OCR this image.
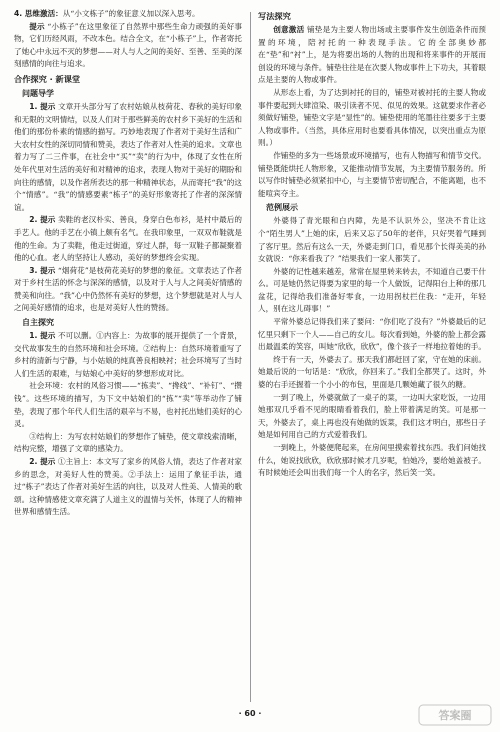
4. 思维激活：从“小文栋子”的象征意义加以深入思考。

提示 “小栋子”在这里象征了自然界中那些生命力顽强的美好事物，它们历经风雨，不改本色。结合全文，在“小栋子”上，作者寄托了她心中永远不灭的梦想——对人与人之间的美好、至善、至美的深刻感情的向往与追求。

合作探究 · 新课堂
问题导学

1. 提示 文章开头部分写了农村姑娘从枝荷花、春秋的美好印象和无限的文明情结，以及人们对于那些鲜美的农村乡下美好的生活和他们的那份朴素的情感的描写。巧妙地表现了作者对于美好生活和广大农村女性的深切同情和赞美，表达了作者对人性美的追求。文章也着力写了二三件事，在社会中“买”“卖”的行为中，体现了女性在所处年代里对生活的美好和对精神的追求，表现人物对于美好的期盼和向往的感情，以及作者所表达的那一种精神状态，从而寄托“我”的这个“情感”。“我”的情感要素“栋子”的美好形象寄托了作者的深深情谊。

2. 提示 卖鞋的老汉朴实、善良，身穿白色布衫，是村中最后的手艺人。他的手艺在小镇上颇有名气。在我印象里，一双双布鞋就是他的生命。为了卖鞋，他走过街道，穿过人群，每一双鞋子都凝聚着他的心血。老人的坚持让人感动，美好的梦想终会实现。

3. 提示 “烟荷花”是枝荷花美好的梦想的象征。文章表达了作者对于乡村生活的怀念与深深的感情，以及对于人与人之间美好情感的赞美和向往。“我”心中仍然怀有美好的梦想，这个梦想就是对人与人之间美好感情的追求，也是对美好人性的赞扬。

自主探究

1. 提示 不可以删。①内容上：为故事的展开提供了一个背景，交代故事发生的自然环境和社会环境。②结构上：自然环境着重写了乡村的清新与宁静，与小姑娘的纯真善良相映衬；社会环境写了当时人们生活的艰难，与姑娘心中美好的梦想形成对比。

社会环境：农村的风俗习惯——“拣卖”、“搀线”、“补钉”、“攒钱”。这些环境的描写，为下文中姑娘们的“拣”“卖”等举动作了铺垫，表现了那个年代人们生活的艰辛与不易，也衬托出她们美好的心灵。

③结构上：为写农村姑娘们的梦想作了铺垫，使文章线索清晰，结构完整，增强了文章的感染力。

2. 提示 ①主旨上：本文写了家乡的风俗人情，表达了作者对家乡的思念，对美好人性的赞美。②手法上：运用了象征手法，通过“栋子”表达了作者对美好生活的向往，以及对人性美、人情美的歌颂。这种情感使文章充满了人道主义的温情与关怀，体现了人的精神世界和感情生活。

写法探究

创意激活 铺垫是为主要人物出场或主要事件发生创造条件而预置的环境，陪衬托的一种表现手法。它的全部奥妙都在“垫”和“衬”上，是为将要出场的人物的出现和将来事件的开展而创设的环境与条件。铺垫往往是在次要人物或事件上下功夫，其着眼点是主要的人物或事件。

从形态上看，为了达到衬托的目的，铺垫对被衬托的主要人物或事件要起到大肆渲染、吸引读者不见、似见的效果。这就要求作者必须做好铺垫，铺垫文字是“显性”的。铺垫使用的笔墨往往要多于主要人物或事件。（当然，具体应用时也要看具体情况，以突出重点为原则。）

作铺垫的多为一些场景或环境描写，也有人物描写和情节交代。铺垫既能烘托人物形象，又能推动情节发展，为主要情节服务的。所以写作时铺垫必须紧扣中心，与主要情节密切配合，不能离题，也不能喧宾夺主。

范例展示

外婆得了青光眼和白内障，先是不认识外公，坚决不肯让这个“陌生男人”上她的床，后来又忘了50年的老伴，只好哭着气睡到了客厅里。然后有这么一天，外婆走到门口，看见那个长得美美的孙女就说：“你来看我了？”结果我们一家人都笑了。

外婆的记性越来越差，常常在屋里转来转去，不知道自己要干什么。可是她仍然记得要为家里的每一个人做饭，记得阳台上种的那几盆花，记得给我们准备好零食，一边用拐杖拦住我：“走开，年轻人，别在这儿碍事！”

平常外婆总记得我们来了要问：“你们吃了没有？”外婆最后的记忆里只剩下一个人——自己的女儿。每次看到她，外婆的脸上都会露出最温柔的笑容，叫她“欣欣，欣欣”，像个孩子一样地拉着她的手。

终于有一天，外婆去了。那天我们都赶回了家，守在她的床前。她最后说的一句话是：“欣欣，你回来了。”我们全都哭了。这时，外婆的右手还握着一个小小的布包，里面是几颗她藏了很久的糖。

一到了晚上，外婆就做了一桌子的菜，一边叫大家吃饭，一边用她那双几乎看不见的眼睛看着我们，脸上带着满足的笑。可是那一天，外婆去了，桌上再也没有她做的饭菜，我们这才明白，那些日子她是如何用自己的方式爱着我们。

一到晚上，外婆便爬起来，在房间里摸索着找东西。我们问她找什么，她说找欣欣，欣欣那时候才几岁呢，怕她冷，要给她盖被子。有时候她还会叫出我们每一个人的名字，然后笑一笑。

· 60 ·	答案圈
